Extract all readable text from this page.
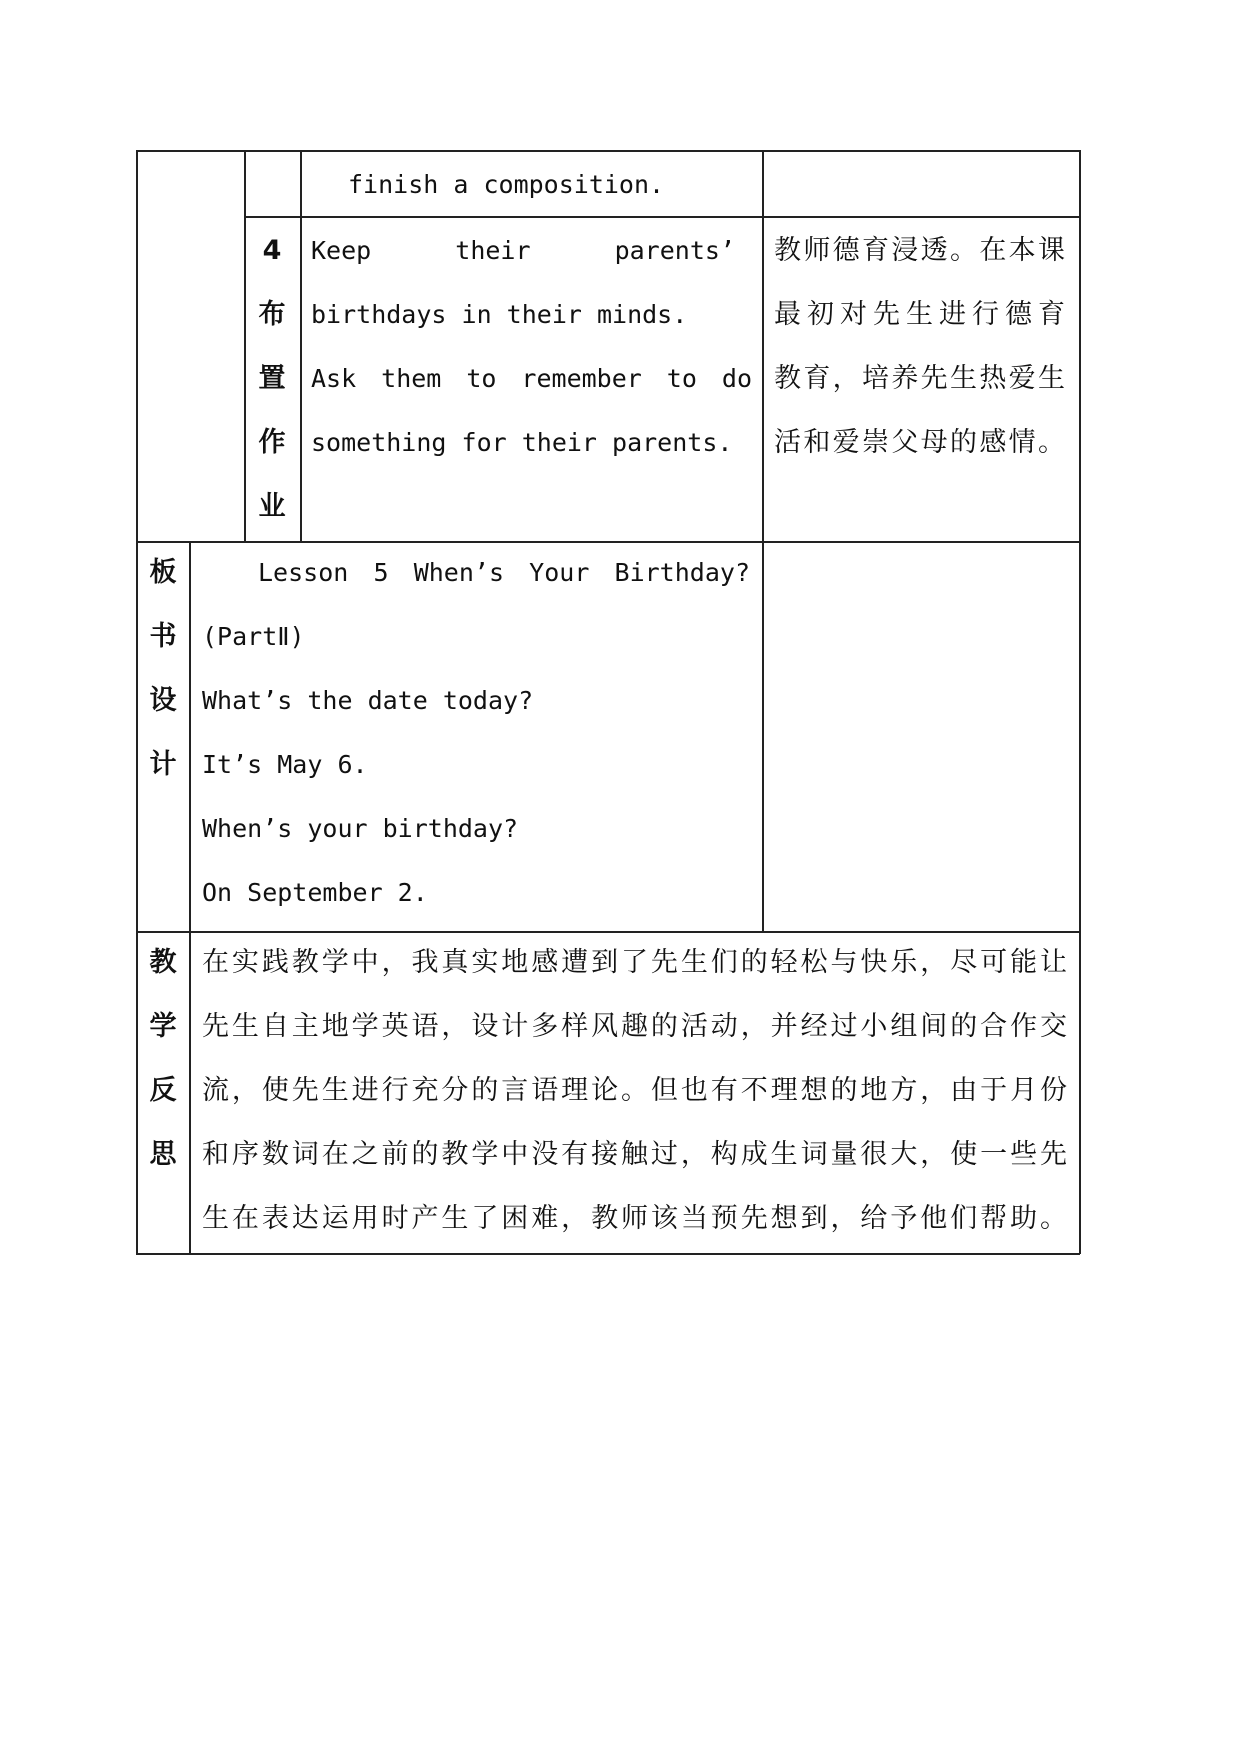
finish a composition.
4
布
置
作
业
Keep their parents’
birthdays in their minds.
Ask them to remember to do
something for their parents.
教师德育浸透。在本课
最初对先生进行德育
教育，培养先生热爱生
活和爱崇父母的感情。
板
书
设
计
Lesson 5 When’s Your Birthday?
(PartⅡ)
What’s the date today?
It’s May 6.
When’s your birthday?
On September 2.
教
学
反
思
在实践教学中，我真实地感遭到了先生们的轻松与快乐，尽可能让
先生自主地学英语，设计多样风趣的活动，并经过小组间的合作交
流，使先生进行充分的言语理论。但也有不理想的地方，由于月份
和序数词在之前的教学中没有接触过，构成生词量很大，使一些先
生在表达运用时产生了困难，教师该当预先想到，给予他们帮助。
